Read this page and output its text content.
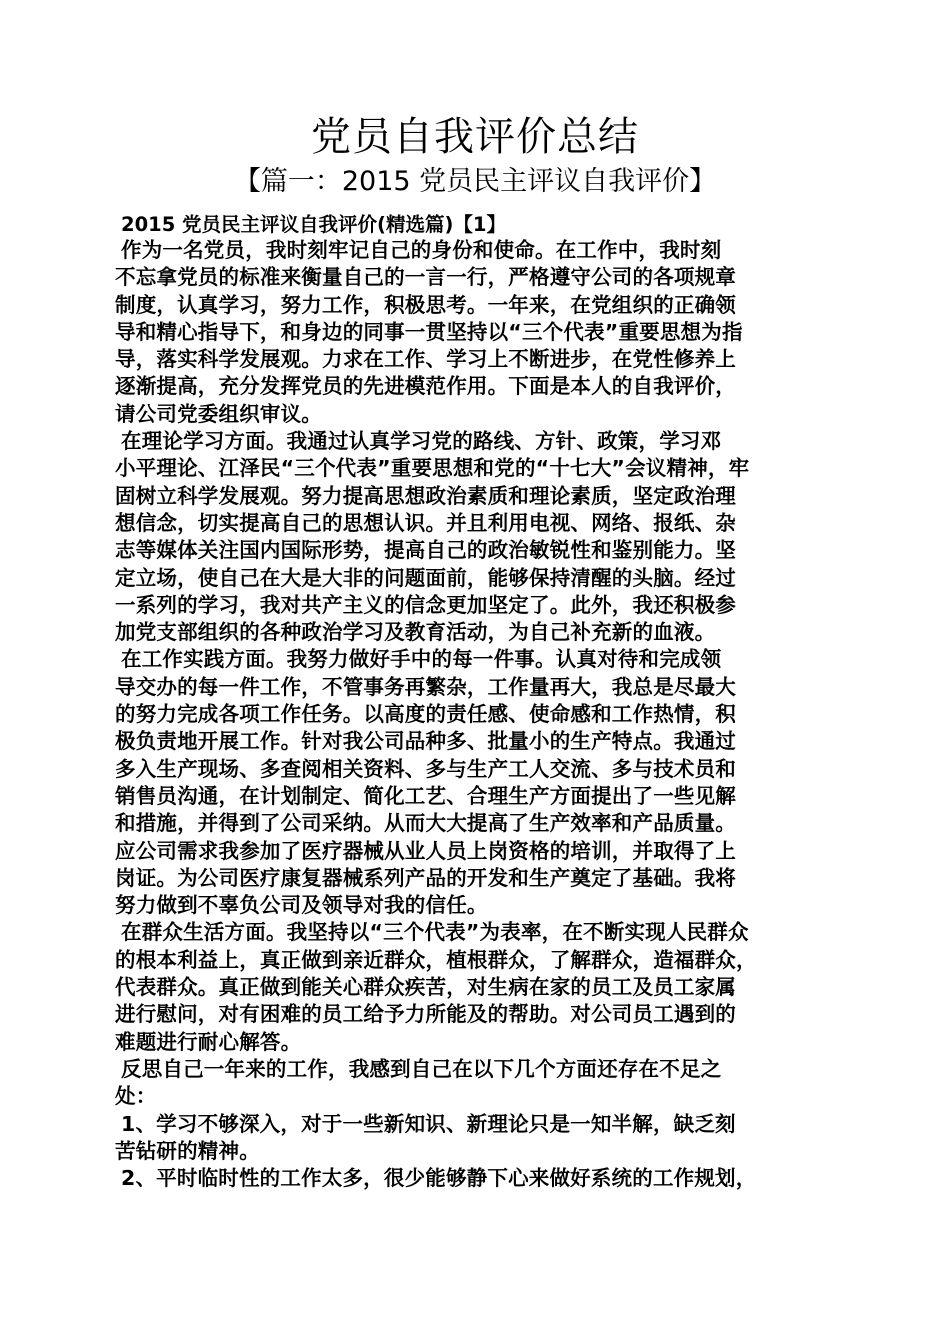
党员自我评价总结
【篇一：2015 党员民主评议自我评价】
2015 党员民主评议自我评价(精选篇)【1】
作为一名党员，我时刻牢记自己的身份和使命。在工作中，我时刻
不忘拿党员的标准来衡量自己的一言一行，严格遵守公司的各项规章
制度，认真学习，努力工作，积极思考。一年来，在党组织的正确领
导和精心指导下，和身边的同事一贯坚持以“三个代表”重要思想为指
导，落实科学发展观。力求在工作、学习上不断进步，在党性修养上
逐渐提高，充分发挥党员的先进模范作用。下面是本人的自我评价，
请公司党委组织审议。
在理论学习方面。我通过认真学习党的路线、方针、政策，学习邓
小平理论、江泽民“三个代表”重要思想和党的“十七大”会议精神，牢
固树立科学发展观。努力提高思想政治素质和理论素质，坚定政治理
想信念，切实提高自己的思想认识。并且利用电视、网络、报纸、杂
志等媒体关注国内国际形势，提高自己的政治敏锐性和鉴别能力。坚
定立场，使自己在大是大非的问题面前，能够保持清醒的头脑。经过
一系列的学习，我对共产主义的信念更加坚定了。此外，我还积极参
加党支部组织的各种政治学习及教育活动，为自己补充新的血液。
在工作实践方面。我努力做好手中的每一件事。认真对待和完成领
导交办的每一件工作，不管事务再繁杂，工作量再大，我总是尽最大
的努力完成各项工作任务。以高度的责任感、使命感和工作热情，积
极负责地开展工作。针对我公司品种多、批量小的生产特点。我通过
多入生产现场、多查阅相关资料、多与生产工人交流、多与技术员和
销售员沟通，在计划制定、简化工艺、合理生产方面提出了一些见解
和措施，并得到了公司采纳。从而大大提高了生产效率和产品质量。
应公司需求我参加了医疗器械从业人员上岗资格的培训，并取得了上
岗证。为公司医疗康复器械系列产品的开发和生产奠定了基础。我将
努力做到不辜负公司及领导对我的信任。
在群众生活方面。我坚持以“三个代表”为表率，在不断实现人民群众
的根本利益上，真正做到亲近群众，植根群众，了解群众，造福群众，
代表群众。真正做到能关心群众疾苦，对生病在家的员工及员工家属
进行慰问，对有困难的员工给予力所能及的帮助。对公司员工遇到的
难题进行耐心解答。
反思自己一年来的工作，我感到自己在以下几个方面还存在不足之
处：
1、学习不够深入，对于一些新知识、新理论只是一知半解，缺乏刻
苦钻研的精神。
2、平时临时性的工作太多，很少能够静下心来做好系统的工作规划，
